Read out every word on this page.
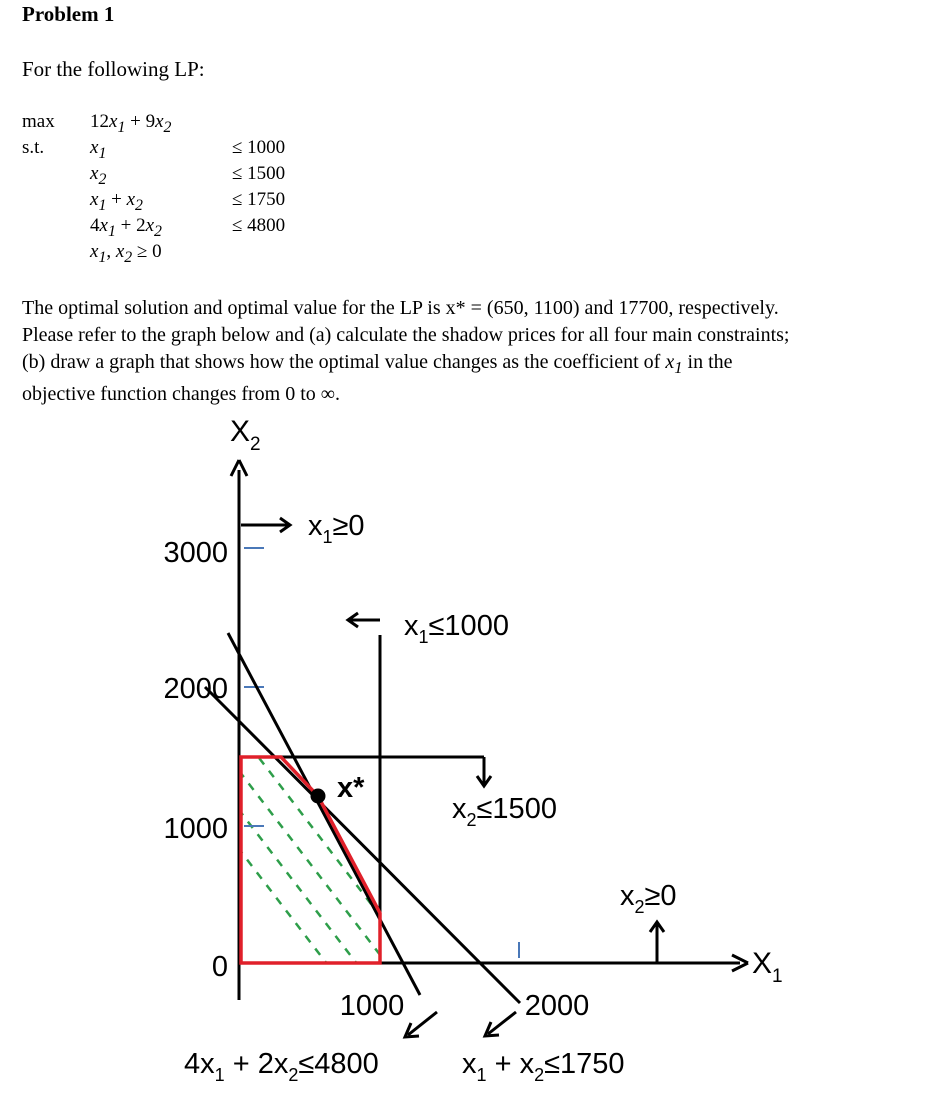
Problem 1
For the following LP:
$\max 12x_1 + 9x_2$
s.t. $x_1$
$x_2$
$x_1 + x_2$
$4x_1 + 2x_2$
$x_1$, $x_2 \ge 0$
≤ 1000
≤ 1500
≤ 1750
≤ 4800
The optimal solution and optimal value for the LP is x* = (650, 1100) and 17700, respectively.
Please refer to the graph below and (a) calculate the shadow prices for all four main constraints;
(b) draw a graph that shows how the optimal value changes as the coefficient of $x_1$ in the
objective function changes from 0 to ∞.
$X_2$
$X_1$
3000
2000
1000
0
1000	2000
x*
$x_1\ge 0$
$x_1\le 1000$
$x_2\le 1500$
$x_2\ge 0$
$4x_1 + 2x_2\le 4800$	$x_1 + x_2\le 1750$
